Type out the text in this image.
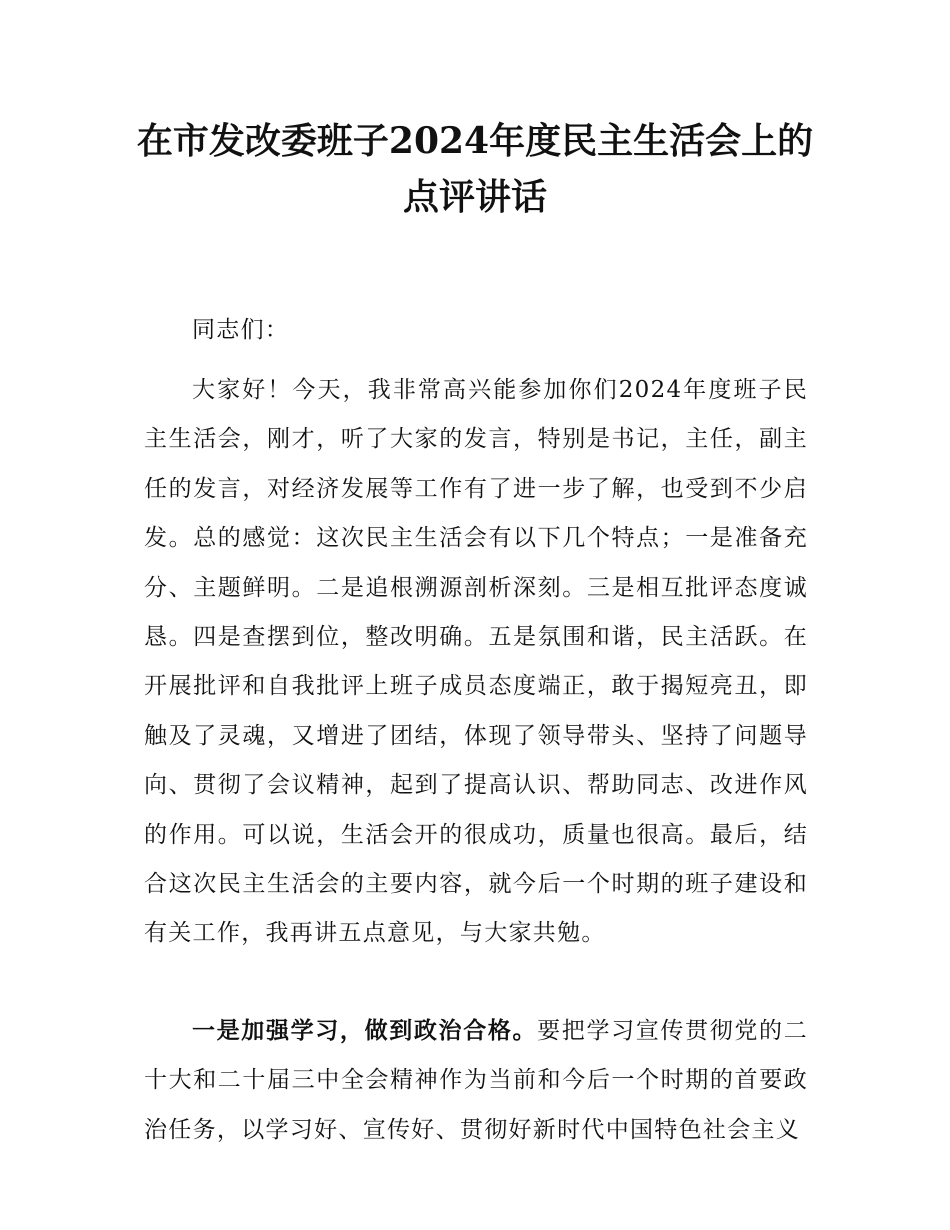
在市发改委班子2024年度民主生活会上的点评讲话

同志们：

大家好！今天，我非常高兴能参加你们2024年度班子民主生活会，刚才，听了大家的发言，特别是书记，主任，副主任的发言，对经济发展等工作有了进一步了解，也受到不少启发。总的感觉：这次民主生活会有以下几个特点；一是准备充分、主题鲜明。二是追根溯源剖析深刻。三是相互批评态度诚恳。四是查摆到位，整改明确。五是氛围和谐，民主活跃。在开展批评和自我批评上班子成员态度端正，敢于揭短亮丑，即触及了灵魂，又增进了团结，体现了领导带头、坚持了问题导向、贯彻了会议精神，起到了提高认识、帮助同志、改进作风的作用。可以说，生活会开的很成功，质量也很高。最后，结合这次民主生活会的主要内容，就今后一个时期的班子建设和有关工作，我再讲五点意见，与大家共勉。

一是加强学习，做到政治合格。要把学习宣传贯彻党的二十大和二十届三中全会精神作为当前和今后一个时期的首要政治任务，以学习好、宣传好、贯彻好新时代中国特色社会主义
